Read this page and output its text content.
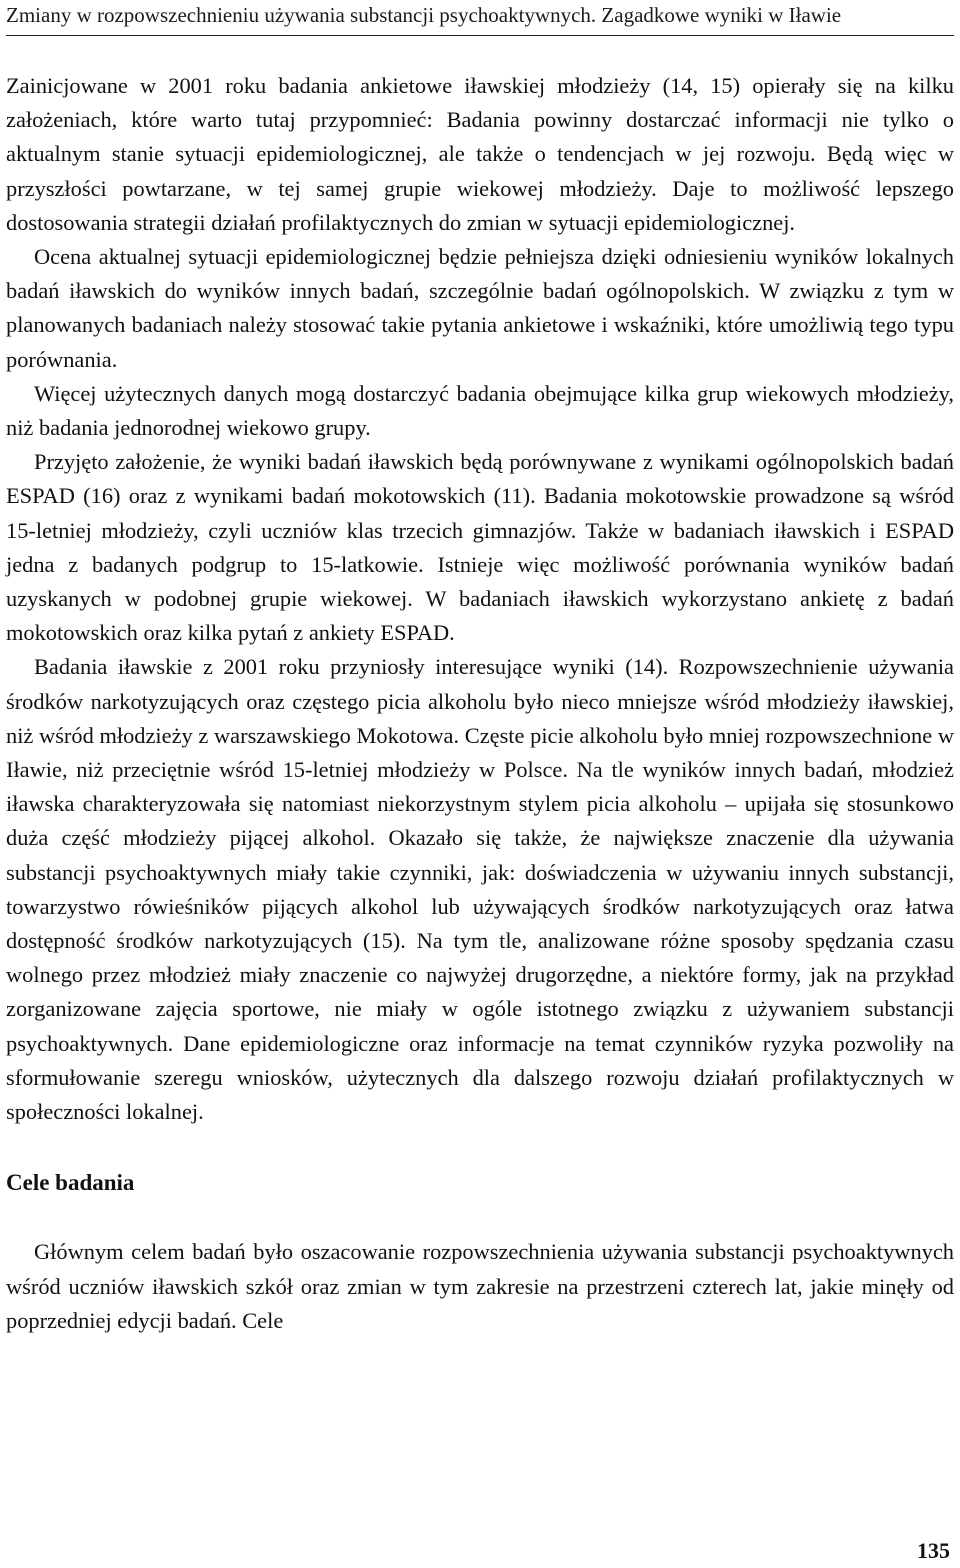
Zmiany w rozpowszechnieniu używania substancji psychoaktywnych. Zagadkowe wyniki w Iławie

Zainicjowane w 2001 roku badania ankietowe iławskiej młodzieży (14, 15) opierały się na kilku założeniach, które warto tutaj przypomnieć: Badania powinny dostarczać informacji nie tylko o aktualnym stanie sytuacji epidemiologicznej, ale także o tendencjach w jej rozwoju. Będą więc w przyszłości powtarzane, w tej samej grupie wiekowej młodzieży. Daje to możliwość lepszego dostosowania strategii działań profilaktycznych do zmian w sytuacji epidemiologicznej.

Ocena aktualnej sytuacji epidemiologicznej będzie pełniejsza dzięki odniesieniu wyników lokalnych badań iławskich do wyników innych badań, szczególnie badań ogólnopolskich. W związku z tym w planowanych badaniach należy stosować takie pytania ankietowe i wskaźniki, które umożliwią tego typu porównania.

Więcej użytecznych danych mogą dostarczyć badania obejmujące kilka grup wiekowych młodzieży, niż badania jednorodnej wiekowo grupy.

Przyjęto założenie, że wyniki badań iławskich będą porównywane z wynikami ogólnopolskich badań ESPAD (16) oraz z wynikami badań mokotowskich (11). Badania mokotowskie prowadzone są wśród 15-letniej młodzieży, czyli uczniów klas trzecich gimnazjów. Także w badaniach iławskich i ESPAD jedna z badanych podgrup to 15-latkowie. Istnieje więc możliwość porównania wyników badań uzyskanych w podobnej grupie wiekowej. W badaniach iławskich wykorzystano ankietę z badań mokotowskich oraz kilka pytań z ankiety ESPAD.

Badania iławskie z 2001 roku przyniosły interesujące wyniki (14). Rozpowszechnienie używania środków narkotyzujących oraz częstego picia alkoholu było nieco mniejsze wśród młodzieży iławskiej, niż wśród młodzieży z warszawskiego Mokotowa. Częste picie alkoholu było mniej rozpowszechnione w Iławie, niż przeciętnie wśród 15-letniej młodzieży w Polsce. Na tle wyników innych badań, młodzież iławska charakteryzowała się natomiast niekorzystnym stylem picia alkoholu – upijała się stosunkowo duża część młodzieży pijącej alkohol. Okazało się także, że największe znaczenie dla używania substancji psychoaktywnych miały takie czynniki, jak: doświadczenia w używaniu innych substancji, towarzystwo rówieśników pijących alkohol lub używających środków narkotyzujących oraz łatwa dostępność środków narkotyzujących (15). Na tym tle, analizowane różne sposoby spędzania czasu wolnego przez młodzież miały znaczenie co najwyżej drugorzędne, a niektóre formy, jak na przykład zorganizowane zajęcia sportowe, nie miały w ogóle istotnego związku z używaniem substancji psychoaktywnych. Dane epidemiologiczne oraz informacje na temat czynników ryzyka pozwoliły na sformułowanie szeregu wniosków, użytecznych dla dalszego rozwoju działań profilaktycznych w społeczności lokalnej.

Cele badania

Głównym celem badań było oszacowanie rozpowszechnienia używania substancji psychoaktywnych wśród uczniów iławskich szkół oraz zmian w tym zakresie na przestrzeni czterech lat, jakie minęły od poprzedniej edycji badań. Cele

135
